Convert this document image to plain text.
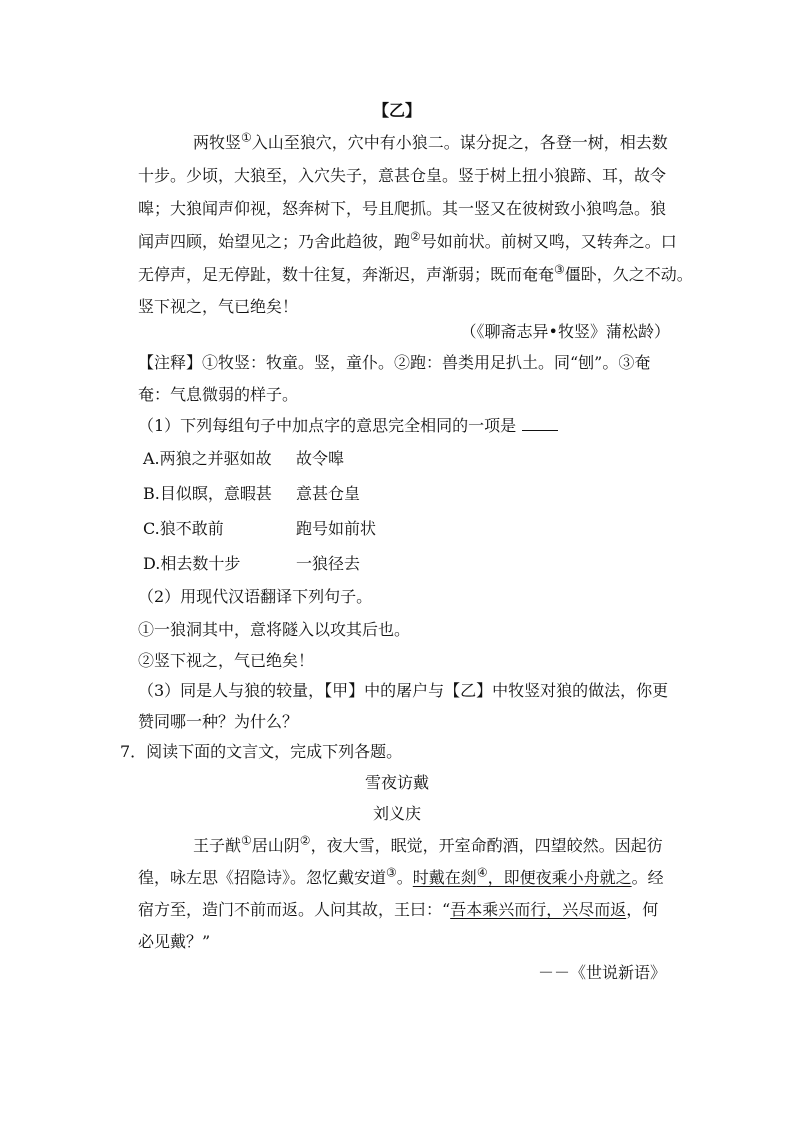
【乙】
两牧竖①入山至狼穴，穴中有小狼二。谋分捉之，各登一树，相去数
十步。少顷，大狼至，入穴失子，意甚仓皇。竖于树上扭小狼蹄、耳，故令
嗥；大狼闻声仰视，怒奔树下，号且爬抓。其一竖又在彼树致小狼鸣急。狼
闻声四顾，始望见之；乃舍此趋彼，跑②号如前状。前树又鸣，又转奔之。口
无停声，足无停趾，数十往复，奔渐迟，声渐弱；既而奄奄③僵卧，久之不动。
竖下视之，气已绝矣！
（《聊斋志异•牧竖》蒲松龄）
【注释】①牧竖：牧童。竖，童仆。②跑：兽类用足扒土。同“刨”。③奄
奄：气息微弱的样子。
（1）下列每组句子中加点字的意思完全相同的一项是
A.两狼之并驱如故 故令嗥
B.目似瞑，意暇甚 意甚仓皇
C.狼不敢前	跑号如前状
D.相去数十步	一狼径去
（2）用现代汉语翻译下列句子。
①一狼洞其中，意将隧入以攻其后也。
②竖下视之，气已绝矣！
（3）同是人与狼的较量，【甲】中的屠户与【乙】中牧竖对狼的做法，你更
赞同哪一种？为什么？
7．阅读下面的文言文，完成下列各题。
雪夜访戴
刘义庆
王子猷①居山阴②，夜大雪，眠觉，开室命酌酒，四望皎然。因起彷
徨，咏左思《招隐诗》。忽忆戴安道③。时戴在剡④，即便夜乘小舟就之。经
宿方至，造门不前而返。人问其故，王曰：“吾本乘兴而行，兴尽而返，何
必见戴？”
－－《世说新语》
